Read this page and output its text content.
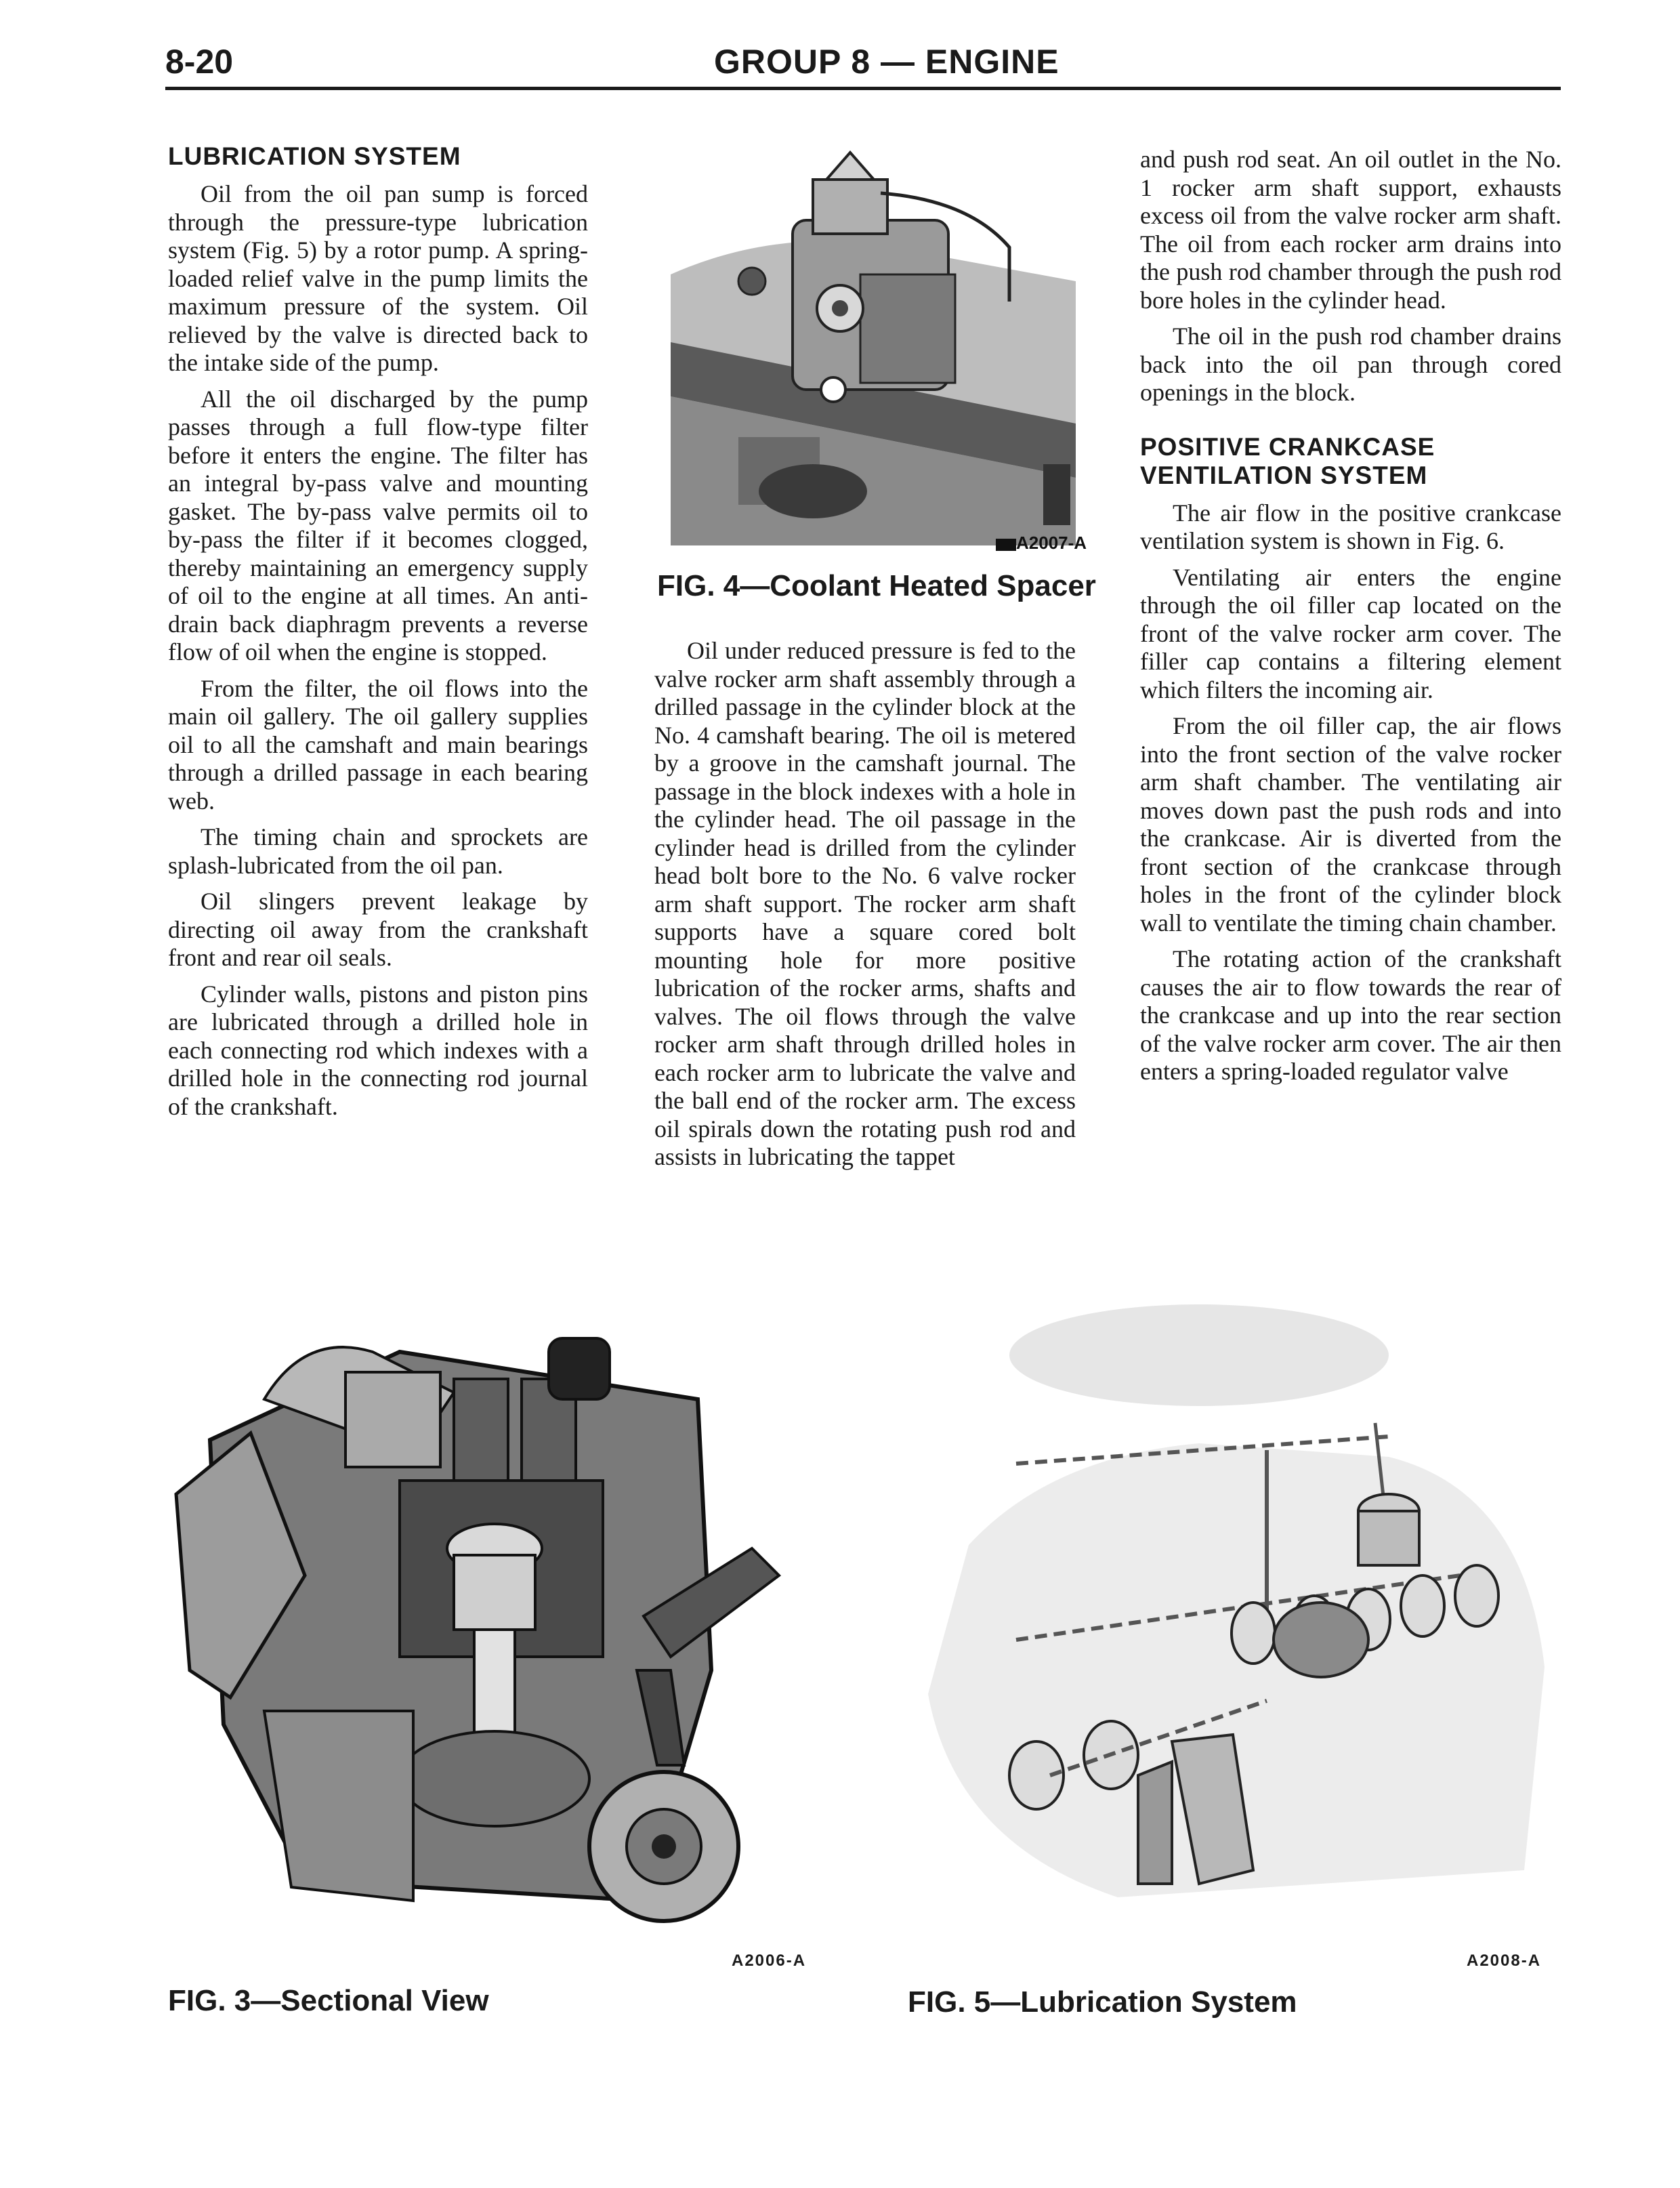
8-20	GROUP 8 — ENGINE
LUBRICATION SYSTEM

Oil from the oil pan sump is forced through the pressure-type lubrication system (Fig. 5) by a rotor pump. A spring-loaded relief valve in the pump limits the maximum pressure of the system. Oil relieved by the valve is directed back to the intake side of the pump.

All the oil discharged by the pump passes through a full flow-type filter before it enters the engine. The filter has an integral by-pass valve and mounting gasket. The by-pass valve permits oil to by-pass the filter if it becomes clogged, thereby maintaining an emergency supply of oil to the engine at all times. An anti-drain back diaphragm prevents a reverse flow of oil when the engine is stopped.

From the filter, the oil flows into the main oil gallery. The oil gallery supplies oil to all the camshaft and main bearings through a drilled passage in each bearing web.

The timing chain and sprockets are splash-lubricated from the oil pan.

Oil slingers prevent leakage by directing oil away from the crankshaft front and rear oil seals.

Cylinder walls, pistons and piston pins are lubricated through a drilled hole in each connecting rod which indexes with a drilled hole in the connecting rod journal of the crankshaft.

A2007-A
FIG. 4—Coolant Heated Spacer

Oil under reduced pressure is fed to the valve rocker arm shaft assembly through a drilled passage in the cylinder block at the No. 4 camshaft bearing. The oil is metered by a groove in the camshaft journal. The passage in the block indexes with a hole in the cylinder head. The oil passage in the cylinder head is drilled from the cylinder head bolt bore to the No. 6 valve rocker arm shaft support. The rocker arm shaft supports have a square cored bolt mounting hole for more positive lubrication of the rocker arms, shafts and valves. The oil flows through the valve rocker arm shaft through drilled holes in each rocker arm to lubricate the valve and the ball end of the rocker arm. The excess oil spirals down the rotating push rod and assists in lubricating the tappet

and push rod seat. An oil outlet in the No. 1 rocker arm shaft support, exhausts excess oil from the valve rocker arm shaft. The oil from each rocker arm drains into the push rod chamber through the push rod bore holes in the cylinder head.

The oil in the push rod chamber drains back into the oil pan through cored openings in the block.

POSITIVE CRANKCASE
VENTILATION SYSTEM

The air flow in the positive crankcase ventilation system is shown in Fig. 6.

Ventilating air enters the engine through the oil filler cap located on the front of the valve rocker arm cover. The filler cap contains a filtering element which filters the incoming air.

From the oil filler cap, the air flows into the front section of the valve rocker arm shaft chamber. The ventilating air moves down past the push rods and into the crankcase. Air is diverted from the front section of the crankcase through holes in the front of the cylinder block wall to ventilate the timing chain chamber.

The rotating action of the crankshaft causes the air to flow towards the rear of the crankcase and up into the rear section of the valve rocker arm cover. The air then enters a spring-loaded regulator valve

A2006-A
FIG. 3—Sectional View
A2008-A
FIG. 5—Lubrication System
